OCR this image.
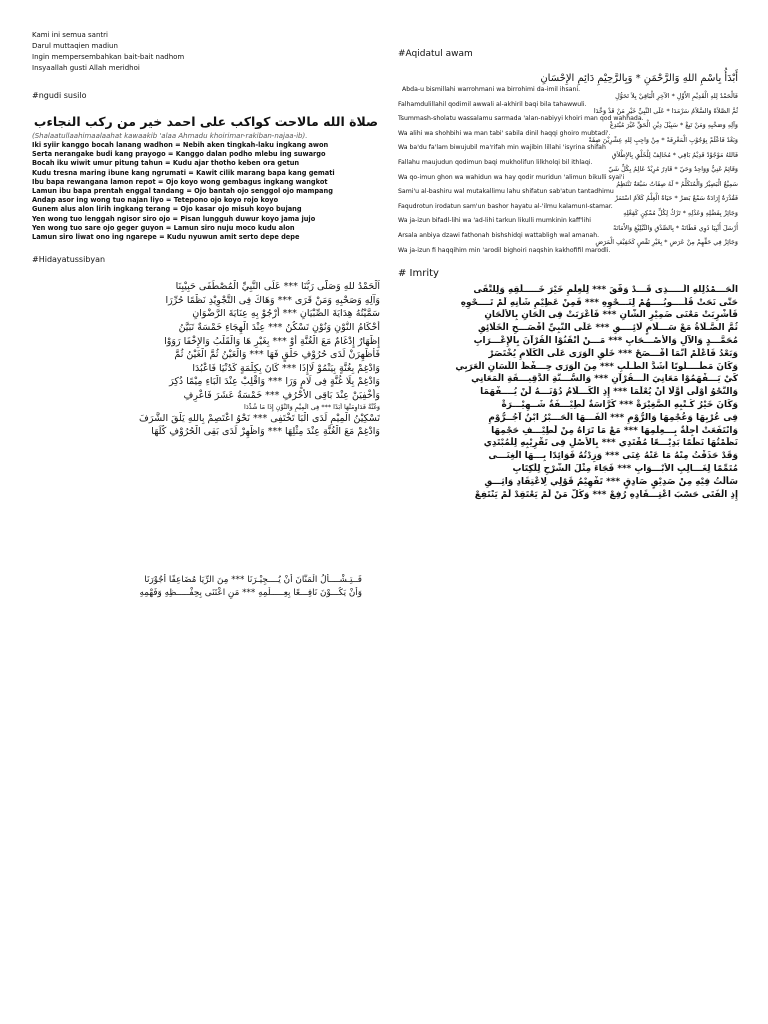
Kami ini semua santri
Darul muttaqien madiun
Ingin mempersembahkan bait-bait nadhom
Insyaallah gusti Allah meridhoi
#ngudi susilo
صلاة الله مالاحت كواكب على احمد خير من ركب النجاءب
(Shalaatullaahimaalaahat kawaakib 'alaa Ahmadu khoirimar-rakiban-najaa-ib).
Iki syiir kanggo bocah lanang wadhon = Nebih aken tingkah-laku ingkang awon
Serta nerangake budi kang prayogo = Kanggo dalan podho mlebu ing suwargo
Bocah iku wiwit umur pitung tahun = Kudu ajar thotho keben ora getun
Kudu tresna maring ibune kang ngrumati = Kawit cilik marang bapa kang gemati
Ibu bapa rewangana lamon repot = Ojo koyo wong gembagus ingkang wangkot
Lamun ibu bapa prentah enggal tandang = Ojo bantah ojo senggol ojo mampang
Andap asor ing wong tuo najan liyo = Tetepono ojo koyo rojo koyo
Gunem alus alon lirih ingkang terang = Ojo kasar ojo misuh koyo bujang
Yen wong tuo lenggah ngisor siro ojo = Pisan lungguh duwur koyo jama jujo
Yen wong tuo sare ojo geger guyon = Lamun siro nuju moco kudu alon
Lamun siro liwat ono ing ngarepe = Kudu nyuwun amit serto depe depe
#Hidayatussibyan
اَلْحَمْدُ للهِ وَصَلَّى رَبُّنَا *** عَلَى النَّبِيِّ الْمُصْطَفَى حَبِيْبِنَا
وَآلِهِ وَصَحْبِهِ وَمَنْ قَرَى *** وَهَاكَ فِى التَّجْوِيْدِ نَظْمًا حُرِّرَا
سَمَّيْتُهُ هِدَايَةَ الصِّبْيَانِ *** أَرْجُوْ بِهِ عِنَايَةَ الرَّضْوَانِ
أَحْكَامُ النُّوْنِ وَنُوْنِ تَسْكُنُ *** عِنْدَ الْهِجَاءِ خَمْسَةٌ تَبَيَّنُ
إِظْهَارٌ إِدْغَامٌ مَعَ الْغُنَّةِ أَوْ *** بِغَيْرِ هَا وَالْقَلْبُ وَالإِخْفَا رَوَوْا
فَأَظْهِرَنْ لَدَى حُرُوْفِ حَلْقٍ فَهَا *** وَالْعَيْنُ ثُمَّ الْغَيْنُ ثُمَّ
وَادْغِمْ بِغُنَّةٍ بِيَنْمُوْ لَاإِذَا *** كَانَ بِكِلْمَةٍ كَدُنْيَا فَاعْبُدَا
وَادْغِمْ بِلَا غُنَّةٍ فِى لَامٍ وَرَا *** وَاقْلِبْ عِنْدَ الْبَاءِ مِيْمًا ذُكِرَ
وَأَخْفِيَنْ عِنْدَ بَاقِى الأَحْرُفِ *** خَمْسَةُ عَشَرَ فَاعْرِفِ
وَغُنَّةٌ فَدَاوِمَنْهَا أَبَدًا *** فِى الْمِيْمِ وَالنُّوْنِ إِذَا مَا شُدِّدَا
تَسْكِيْنُ الْمِيْمِ لَدَى الْبَا تَخْتَفِى *** نَحْوُ اعْتَصِمْ بِاللهِ يَلْقَ الشَّرَفَ
وَادْغِمْ مَعَ الْغُنَّةِ عِنْدَ مِثْلِهَا *** وَاظْهِرْ لَدَى بَقِى الْحُرُوْفِ كُلِّهَا
فَــتِـشْــــأَلُ الْمَنَّانَ أَنْ يُــــجِيْـرَنَا *** مِنَ الرِّيَا مُضَاعِفًا أُجُوْرَنَا
وَأَنْ يَكُـــوْنَ نَافِـــعًا بِعِـــــلْمِهِ *** مَنِ اعْتَنَى بِحِفْـــــظِهِ وَفَهْمِهِ
#Aqidatul awam
أَبْدَأُ بِاسْمِ اللهِ وَالرَّحْمَنِ * وَبِالرَّحِيْمِ دَائِمِ الإِحْسَانِ
Abda-u bismillahi warrohmani wa birrohimi da-imil ihsani.
فَالْحَمْدُ لِلهِ الْقَدِيْمِ الأَوَّلِ * الآخِرِ الْبَاقِيْ بِلاَ تَحَوُّلِ
Falhamdulillahil qodimil awwali al-akhiril baqi bila tahawwuli.
ثُمَّ الصَّلاَةُ وَالسَّلاَمُ سَرْمَدَا * عَلَى النَّبِيِّ خَيْرِ مَنْ قَدْ وَحَّدَا
Tsummash-sholatu wassalamu sarmada 'alan-nabiyyi khoiri man qod wahhada.
وَآلِهِ وَصَحْبِهِ وَمَنْ تَبِعْ * سَبِيْلَ دِيْنِ الْحَقِّ غَيْرَ مُبْتَدِعْ
Wa alihi wa shohbihi wa man tabi' sabila dinil haqqi ghoiro mubtadi'.
وَبَعْدُ فَاعْلَمْ بِوُجُوْبِ الْمَعْرِفَهْ * مِنْ وَاجِبٍ لِلهِ عِشْرِيْنَ صِفَهْ
Wa ba'du fa'lam biwujubil ma'rifah min wajibin lillahi 'isyrina shifah
فَاللهُ مَوْجُوْدٌ قَدِيْمٌ بَاقِي * مُخَالِفٌ لِلْخَلْقِ بِالإِطْلاَقِ
Fallahu maujudun qodimun baqi mukholifun lilkholqi bil ithlaqi.
وَقَائِمٌ غَنِيٌّ وَوَاحِدٌ وَحَيّ * قَادِرٌ مُرِيْدٌ عَالِمٌ بِكُلِّ شَيّ
Wa qo-imun ghon wa wahidun wa hay qodir muridun 'alimun bikulli syai'i
سَمِيْعٌ الْبَصِيْرُ وَالْمُتَكَلِّمُ * لَهُ صِفَاتٌ سَبْعَةٌ تَنْتَظِمُ
Sami'u al-bashiru wal mutakallimu lahu shifatun sab'atun tantadhimu
فَقُدْرَةٌ إِرَادَةٌ سَمْعٌ بَصَرْ * حَيَاةٌ الْعِلْمُ كَلاَمٌ اسْتَمَرْ
Faqudrotun irodatun sam'un bashor hayatu al-'ilmu kalamunI-stamar.
وَجَائِزٌ بِفَضْلِهِ وَعَدْلِهِ * تَرْكٌ لِكُلِّ مُمْكِنٍ كَفِعْلِهِ
Wa ja-izun bifadl-lihi wa 'ad-lihi tarkun likulli mumkinin kaff'lihi
أَرْسَلَ أَنْبِيَا ذَوِي فَطَانَهْ * بِالصِّدْقِ وَالتَّبْلِيْغِ وَالأَمَانَهْ
Arsala anbiya dzawi fathonah bishshidqi wattabligh wal amanah.
وَجَائِزٌ فِي حَقِّهِمْ مِنْ عَرَضِ * بِغَيْرِ نَقْصٍ كَخَفِيْفِ الْمَرَضِ
Wa ja-izun fi haqqihim min 'arodil bighoiri naqshin kakhofifil marodli.
# Imrity
الْحَـــمْدُلِلهِ الَّـــــذِى قَـــدْ وَفَّقَ *** لِلْعِلْمِ خَيْرَ خَـــــلْقِهِ وَلِلتُّقَى
حَتَّى نَحَتْ قُلُــــوبُــــهُمْ لِنَـــحْوِهِ *** فَمِنْ عَظِيْمِ شَأْنِهِ لَمْ تَــــحْوِهِ
فَأُشْرِبَتْ مَعْنَى ضَمِيْرِ الشَّانِ *** فَأَعْرَبَتْ فِى الْحَانِ بِالأَلْحَانِ
ثُمَّ الصَّـلَاةُ مَعْ سَـــلَامٍ لَائِــــقِ *** عَلَى النَّبِيِّ أَفْصَـــحِ الْخَلَائِقِ
مُحَمَّـــدٍ وَالآلِ وَالأَصْـــحَابِ *** مَـــنْ أَتْقَنُوْا الْقُرْآنَ بِالإِعْـــرَابِ
وَبَعْدُ فَاعْلَمْ أَنَّمَا أَفْـــصَحْ *** خَلْقِ الْوَرَى عَلَى الْكَلَامِ يُخْتَصَرْ
وَكَانَ مَطْــــلُوبًا أَشَدَّ الطَّـلَبِ *** مِنَ الْوَرَى حِـــفْظُ اللِّسَانِ الْعَرَبِي
كَيْ يَـــفْهَمُوْا مَعَانِيَ الْـــقُرْآنِ *** وَالسُّـــنَّةِ الدَّقِيـــقَةِ الْمَعَانِي
وَالنَّحْوُ أَوْلَى أَوَّلًا أَنْ يُعْلَمَا *** إِذِ الْكَـــلَامُ دُوْنَـــهُ لَنْ يُــــفْهَمَا
وَكَانَ خَيْرُ كُـتْبِهِ الصَّغِيْرَةْ *** كُرَّاسَةٌ لَطِيْـــفَةٌ شَــهِيْـــرَةْ
فِى عُرْبِهَا وَعُجْمِهَا وَالرُّوْمِ *** أَلَّفَـــهَا الْحَـــبْرُ ابْنُ آجُــرُّوْمِ
وَانْتَفَعَتْ أَجِلَّةٌ بِـــعِلْمِهَا *** مَعْ مَا تَرَاهُ مِنْ لَطِيْـــفِ حَجْمِهَا
نَظَمْتُهَا نَظْمًا بَدِيْـــعًا مُقْتَدِي *** بِالأَصْلِ فِى تَقْرِيْبِهِ لِلْمُبْتَدِي
وَقَدْ حَذَفْتُ مِنْهُ مَا عَنْهُ غِنَى *** وَزِدْتُهُ فَوَائِدًا بِـــهَا الْغِنَـــى
مُتَمِّمًا لِغَـــالِبِ الأَبْـــوَابِ *** فَجَاءَ مِثْلَ الشَّرْحِ لِلْكِتَابِ
سَأَلْتُ فِيْهِ مِنْ صَدِيْقٍ صَادِقٍ *** تَفْهِيْمُ قَوْلِي لِاعْتِقَادِ وَاثِـــقِ
إِذِ الْفَتَى حَسْبَ اعْتِـــقَادِهِ رُفِعْ *** وَكُلُّ مَنْ لَمْ يَعْتَقِدْ لَمْ يَنْتَفِعْ
